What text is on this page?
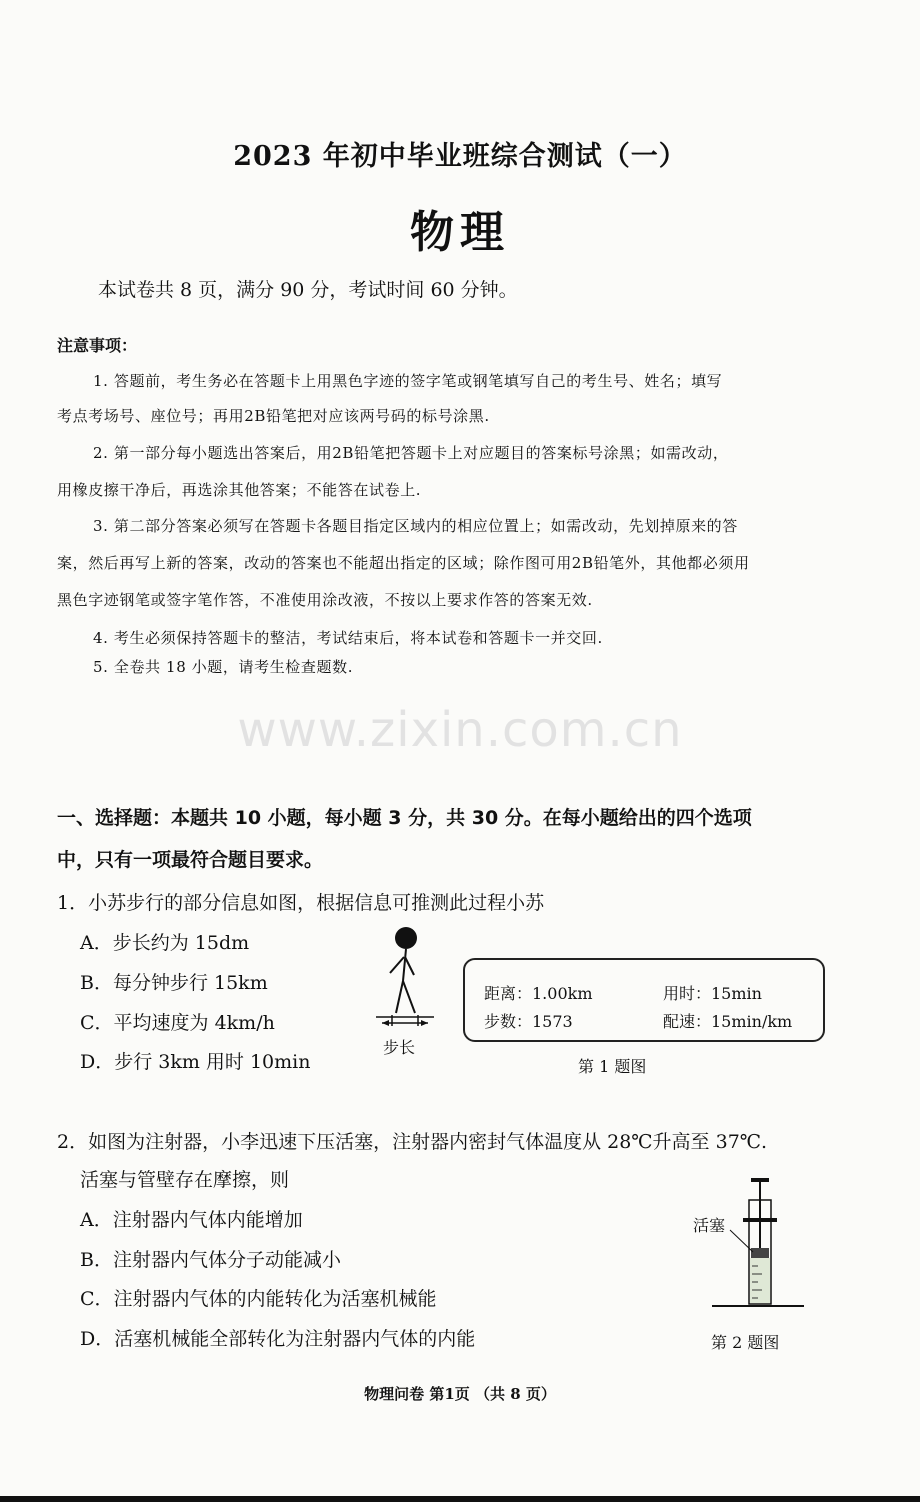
2023 年初中毕业班综合测试（一）
物理
本试卷共 8 页，满分 90 分，考试时间 60 分钟。
注意事项：
1. 答题前，考生务必在答题卡上用黑色字迹的签字笔或钢笔填写自己的考生号、姓名；填写
考点考场号、座位号；再用2B铅笔把对应该两号码的标号涂黑.
2. 第一部分每小题选出答案后，用2B铅笔把答题卡上对应题目的答案标号涂黑；如需改动，
用橡皮擦干净后，再选涂其他答案；不能答在试卷上.
3. 第二部分答案必须写在答题卡各题目指定区域内的相应位置上；如需改动，先划掉原来的答
案，然后再写上新的答案，改动的答案也不能超出指定的区域；除作图可用2B铅笔外，其他都必须用
黑色字迹钢笔或签字笔作答，不准使用涂改液，不按以上要求作答的答案无效.
4. 考生必须保持答题卡的整洁，考试结束后，将本试卷和答题卡一并交回.
5. 全卷共 18 小题，请考生检查题数.
www.zixin.com.cn
一、选择题：本题共 10 小题，每小题 3 分，共 30 分。在每小题给出的四个选项
中，只有一项最符合题目要求。
1．小苏步行的部分信息如图，根据信息可推测此过程小苏
A．步长约为 15dm
B．每分钟步行 15km
C．平均速度为 4km/h
D．步行 3km 用时 10min
步长
距离：1.00km	用时：15min
步数：1573	配速：15min/km
第 1 题图
2．如图为注射器，小李迅速下压活塞，注射器内密封气体温度从 28℃升高至 37℃.
活塞与管壁存在摩擦，则
A．注射器内气体内能增加
B．注射器内气体分子动能减小
C．注射器内气体的内能转化为活塞机械能
D．活塞机械能全部转化为注射器内气体的内能
活塞
第 2 题图
物理问卷 第1页 （共 8 页）
